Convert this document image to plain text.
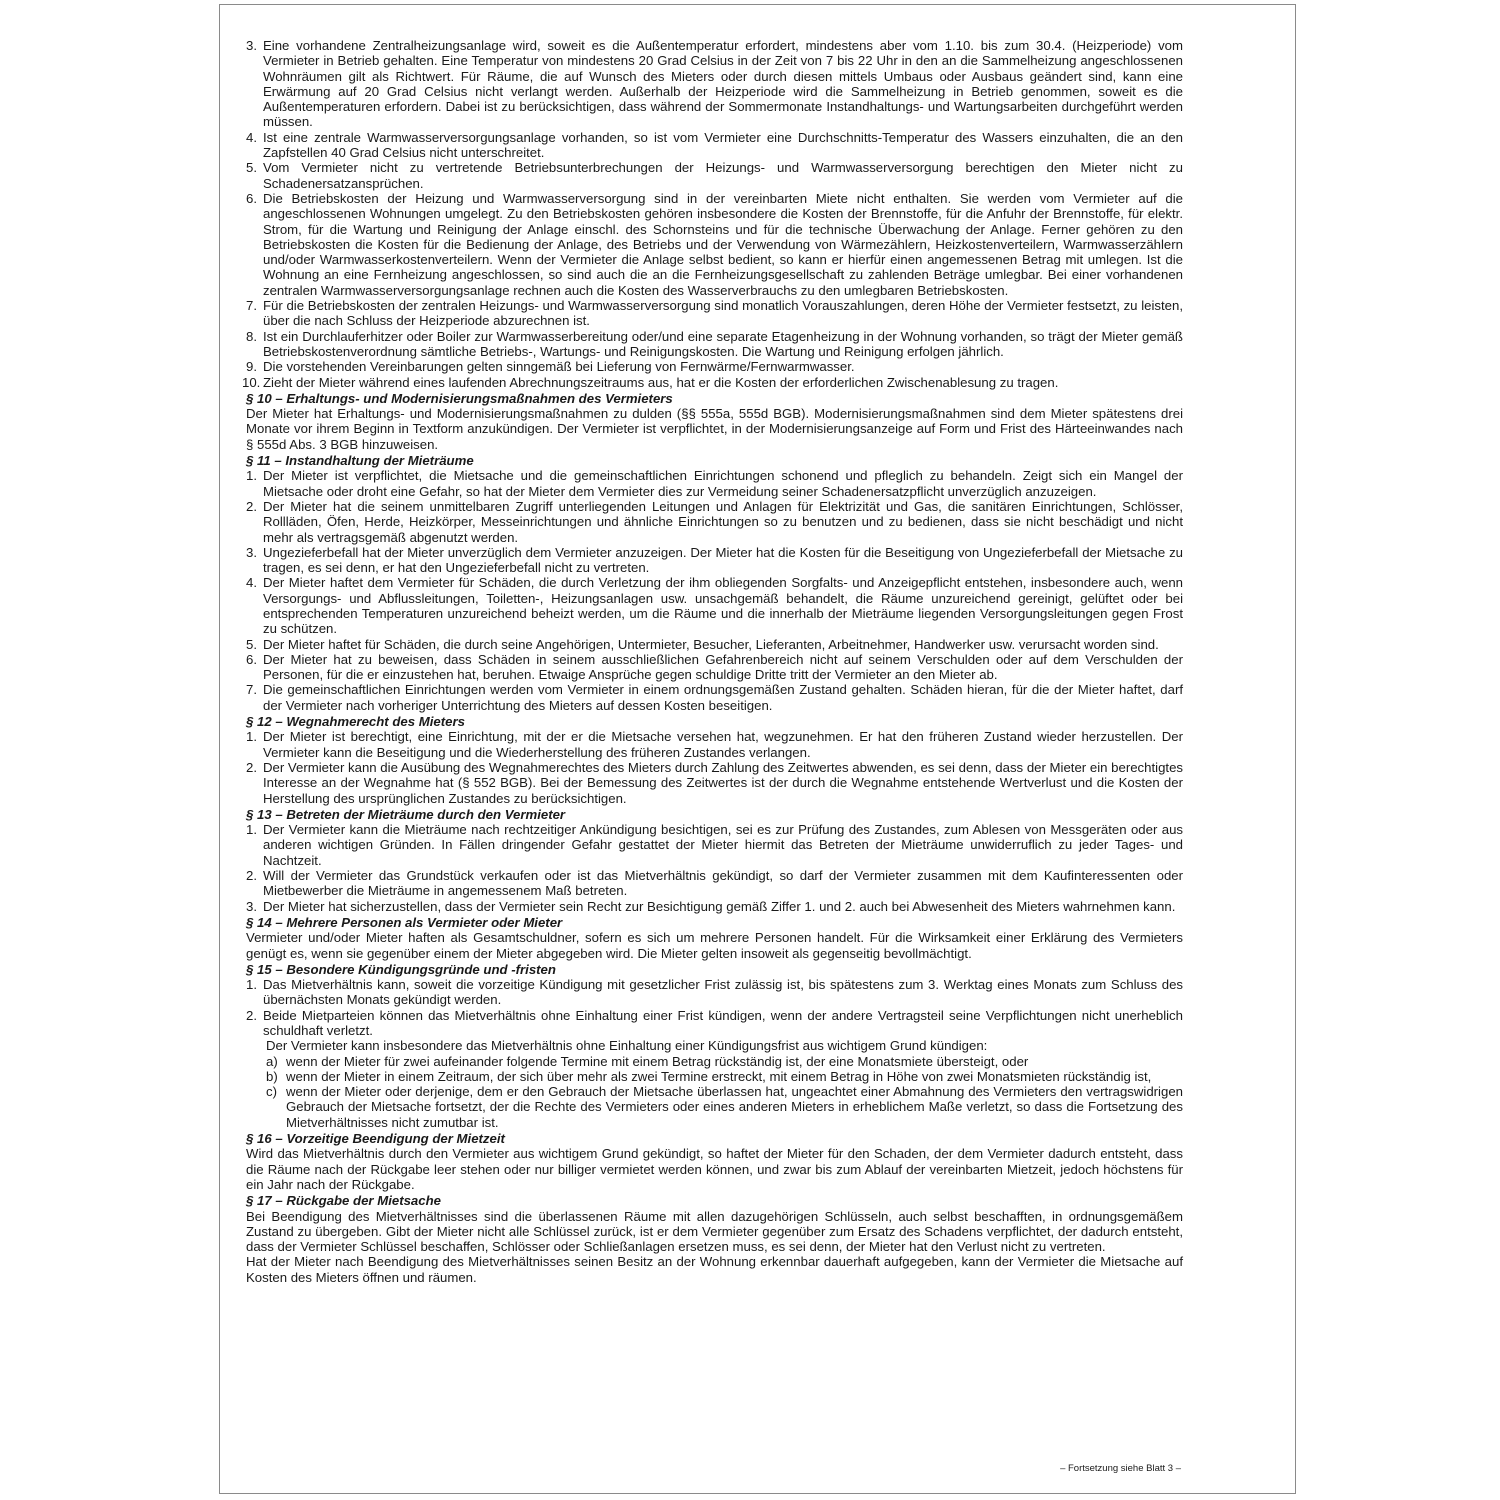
3. Eine vorhandene Zentralheizungsanlage wird, soweit es die Außentemperatur erfordert, mindestens aber vom 1.10. bis zum 30.4. (Heizperiode) vom Vermieter in Betrieb gehalten. Eine Temperatur von mindestens 20 Grad Celsius in der Zeit von 7 bis 22 Uhr in den an die Sammelheizung angeschlossenen Wohnräumen gilt als Richtwert. Für Räume, die auf Wunsch des Mieters oder durch diesen mittels Umbaus oder Ausbaus geändert sind, kann eine Erwärmung auf 20 Grad Celsius nicht verlangt werden. Außerhalb der Heizperiode wird die Sammelheizung in Betrieb genommen, soweit es die Außentemperaturen erfordern. Dabei ist zu berücksichtigen, dass während der Sommermonate Instandhaltungs- und Wartungsarbeiten durchgeführt werden müssen.
4. Ist eine zentrale Warmwasserversorgungsanlage vorhanden, so ist vom Vermieter eine Durchschnitts-Temperatur des Wassers einzuhalten, die an den Zapfstellen 40 Grad Celsius nicht unterschreitet.
5. Vom Vermieter nicht zu vertretende Betriebsunterbrechungen der Heizungs- und Warmwasserversorgung berechtigen den Mieter nicht zu Schadenersatzansprüchen.
6. Die Betriebskosten der Heizung und Warmwasserversorgung sind in der vereinbarten Miete nicht enthalten. Sie werden vom Vermieter auf die angeschlossenen Wohnungen umgelegt. Zu den Betriebskosten gehören insbesondere die Kosten der Brennstoffe, für die Anfuhr der Brennstoffe, für elektr. Strom, für die Wartung und Reinigung der Anlage einschl. des Schornsteins und für die technische Überwachung der Anlage. Ferner gehören zu den Betriebskosten die Kosten für die Bedienung der Anlage, des Betriebs und der Verwendung von Wärmezählern, Heizkostenverteilern, Warmwasserzählern und/oder Warmwasserkostenverteilern. Wenn der Vermieter die Anlage selbst bedient, so kann er hierfür einen angemessenen Betrag mit umlegen. Ist die Wohnung an eine Fernheizung angeschlossen, so sind auch die an die Fernheizungsgesellschaft zu zahlenden Beträge umlegbar. Bei einer vorhandenen zentralen Warmwasserversorgungsanlage rechnen auch die Kosten des Wasserverbrauchs zu den umlegbaren Betriebskosten.
7. Für die Betriebskosten der zentralen Heizungs- und Warmwasserversorgung sind monatlich Vorauszahlungen, deren Höhe der Vermieter festsetzt, zu leisten, über die nach Schluss der Heizperiode abzurechnen ist.
8. Ist ein Durchlauferhitzer oder Boiler zur Warmwasserbereitung oder/und eine separate Etagenheizung in der Wohnung vorhanden, so trägt der Mieter gemäß Betriebskostenverordnung sämtliche Betriebs-, Wartungs- und Reinigungskosten. Die Wartung und Reinigung erfolgen jährlich.
9. Die vorstehenden Vereinbarungen gelten sinngemäß bei Lieferung von Fernwärme/Fernwarmwasser.
10. Zieht der Mieter während eines laufenden Abrechnungszeitraums aus, hat er die Kosten der erforderlichen Zwischenablesung zu tragen.
§ 10 – Erhaltungs- und Modernisierungsmaßnahmen des Vermieters
Der Mieter hat Erhaltungs- und Modernisierungsmaßnahmen zu dulden (§§ 555a, 555d BGB). Modernisierungsmaßnahmen sind dem Mieter spätestens drei Monate vor ihrem Beginn in Textform anzukündigen. Der Vermieter ist verpflichtet, in der Modernisierungsanzeige auf Form und Frist des Härteeinwandes nach § 555d Abs. 3 BGB hinzuweisen.
§ 11 – Instandhaltung der Mieträume
1. Der Mieter ist verpflichtet, die Mietsache und die gemeinschaftlichen Einrichtungen schonend und pfleglich zu behandeln. Zeigt sich ein Mangel der Mietsache oder droht eine Gefahr, so hat der Mieter dem Vermieter dies zur Vermeidung seiner Schadenersatzpflicht unverzüglich anzuzeigen.
2. Der Mieter hat die seinem unmittelbaren Zugriff unterliegenden Leitungen und Anlagen für Elektrizität und Gas, die sanitären Einrichtungen, Schlösser, Rollläden, Öfen, Herde, Heizkörper, Messeinrichtungen und ähnliche Einrichtungen so zu benutzen und zu bedienen, dass sie nicht beschädigt und nicht mehr als vertragsgemäß abgenutzt werden.
3. Ungezieferbefall hat der Mieter unverzüglich dem Vermieter anzuzeigen. Der Mieter hat die Kosten für die Beseitigung von Ungezieferbefall der Mietsache zu tragen, es sei denn, er hat den Ungezieferbefall nicht zu vertreten.
4. Der Mieter haftet dem Vermieter für Schäden, die durch Verletzung der ihm obliegenden Sorgfalts- und Anzeigepflicht entstehen, insbesondere auch, wenn Versorgungs- und Abflussleitungen, Toiletten-, Heizungsanlagen usw. unsachgemäß behandelt, die Räume unzureichend gereinigt, gelüftet oder bei entsprechenden Temperaturen unzureichend beheizt werden, um die Räume und die innerhalb der Mieträume liegenden Versorgungsleitungen gegen Frost zu schützen.
5. Der Mieter haftet für Schäden, die durch seine Angehörigen, Untermieter, Besucher, Lieferanten, Arbeitnehmer, Handwerker usw. verursacht worden sind.
6. Der Mieter hat zu beweisen, dass Schäden in seinem ausschließlichen Gefahrenbereich nicht auf seinem Verschulden oder auf dem Verschulden der Personen, für die er einzustehen hat, beruhen. Etwaige Ansprüche gegen schuldige Dritte tritt der Vermieter an den Mieter ab.
7. Die gemeinschaftlichen Einrichtungen werden vom Vermieter in einem ordnungsgemäßen Zustand gehalten. Schäden hieran, für die der Mieter haftet, darf der Vermieter nach vorheriger Unterrichtung des Mieters auf dessen Kosten beseitigen.
§ 12 – Wegnahmerecht des Mieters
1. Der Mieter ist berechtigt, eine Einrichtung, mit der er die Mietsache versehen hat, wegzunehmen. Er hat den früheren Zustand wieder herzustellen. Der Vermieter kann die Beseitigung und die Wiederherstellung des früheren Zustandes verlangen.
2. Der Vermieter kann die Ausübung des Wegnahmerechtes des Mieters durch Zahlung des Zeitwertes abwenden, es sei denn, dass der Mieter ein berechtigtes Interesse an der Wegnahme hat (§ 552 BGB). Bei der Bemessung des Zeitwertes ist der durch die Wegnahme entstehende Wertverlust und die Kosten der Herstellung des ursprünglichen Zustandes zu berücksichtigen.
§ 13 – Betreten der Mieträume durch den Vermieter
1. Der Vermieter kann die Mieträume nach rechtzeitiger Ankündigung besichtigen, sei es zur Prüfung des Zustandes, zum Ablesen von Messgeräten oder aus anderen wichtigen Gründen. In Fällen dringender Gefahr gestattet der Mieter hiermit das Betreten der Mieträume unwiderruflich zu jeder Tages- und Nachtzeit.
2. Will der Vermieter das Grundstück verkaufen oder ist das Mietverhältnis gekündigt, so darf der Vermieter zusammen mit dem Kaufinteressenten oder Mietbewerber die Mieträume in angemessenem Maß betreten.
3. Der Mieter hat sicherzustellen, dass der Vermieter sein Recht zur Besichtigung gemäß Ziffer 1. und 2. auch bei Abwesenheit des Mieters wahrnehmen kann.
§ 14 – Mehrere Personen als Vermieter oder Mieter
Vermieter und/oder Mieter haften als Gesamtschuldner, sofern es sich um mehrere Personen handelt. Für die Wirksamkeit einer Erklärung des Vermieters genügt es, wenn sie gegenüber einem der Mieter abgegeben wird. Die Mieter gelten insoweit als gegenseitig bevollmächtigt.
§ 15 – Besondere Kündigungsgründe und -fristen
1. Das Mietverhältnis kann, soweit die vorzeitige Kündigung mit gesetzlicher Frist zulässig ist, bis spätestens zum 3. Werktag eines Monats zum Schluss des übernächsten Monats gekündigt werden.
2. Beide Mietparteien können das Mietverhältnis ohne Einhaltung einer Frist kündigen, wenn der andere Vertragsteil seine Verpflichtungen nicht unerheblich schuldhaft verletzt.
Der Vermieter kann insbesondere das Mietverhältnis ohne Einhaltung einer Kündigungsfrist aus wichtigem Grund kündigen:
a) wenn der Mieter für zwei aufeinander folgende Termine mit einem Betrag rückständig ist, der eine Monatsmiete übersteigt, oder
b) wenn der Mieter in einem Zeitraum, der sich über mehr als zwei Termine erstreckt, mit einem Betrag in Höhe von zwei Monatsmieten rückständig ist,
c) wenn der Mieter oder derjenige, dem er den Gebrauch der Mietsache überlassen hat, ungeachtet einer Abmahnung des Vermieters den vertragswidrigen Gebrauch der Mietsache fortsetzt, der die Rechte des Vermieters oder eines anderen Mieters in erheblichem Maße verletzt, so dass die Fortsetzung des Mietverhältnisses nicht zumutbar ist.
§ 16 – Vorzeitige Beendigung der Mietzeit
Wird das Mietverhältnis durch den Vermieter aus wichtigem Grund gekündigt, so haftet der Mieter für den Schaden, der dem Vermieter dadurch entsteht, dass die Räume nach der Rückgabe leer stehen oder nur billiger vermietet werden können, und zwar bis zum Ablauf der vereinbarten Mietzeit, jedoch höchstens für ein Jahr nach der Rückgabe.
§ 17 – Rückgabe der Mietsache
Bei Beendigung des Mietverhältnisses sind die überlassenen Räume mit allen dazugehörigen Schlüsseln, auch selbst beschafften, in ordnungsgemäßem Zustand zu übergeben. Gibt der Mieter nicht alle Schlüssel zurück, ist er dem Vermieter gegenüber zum Ersatz des Schadens verpflichtet, der dadurch entsteht, dass der Vermieter Schlüssel beschaffen, Schlösser oder Schließanlagen ersetzen muss, es sei denn, der Mieter hat den Verlust nicht zu vertreten.
Hat der Mieter nach Beendigung des Mietverhältnisses seinen Besitz an der Wohnung erkennbar dauerhaft aufgegeben, kann der Vermieter die Mietsache auf Kosten des Mieters öffnen und räumen.
– Fortsetzung siehe Blatt 3 –
